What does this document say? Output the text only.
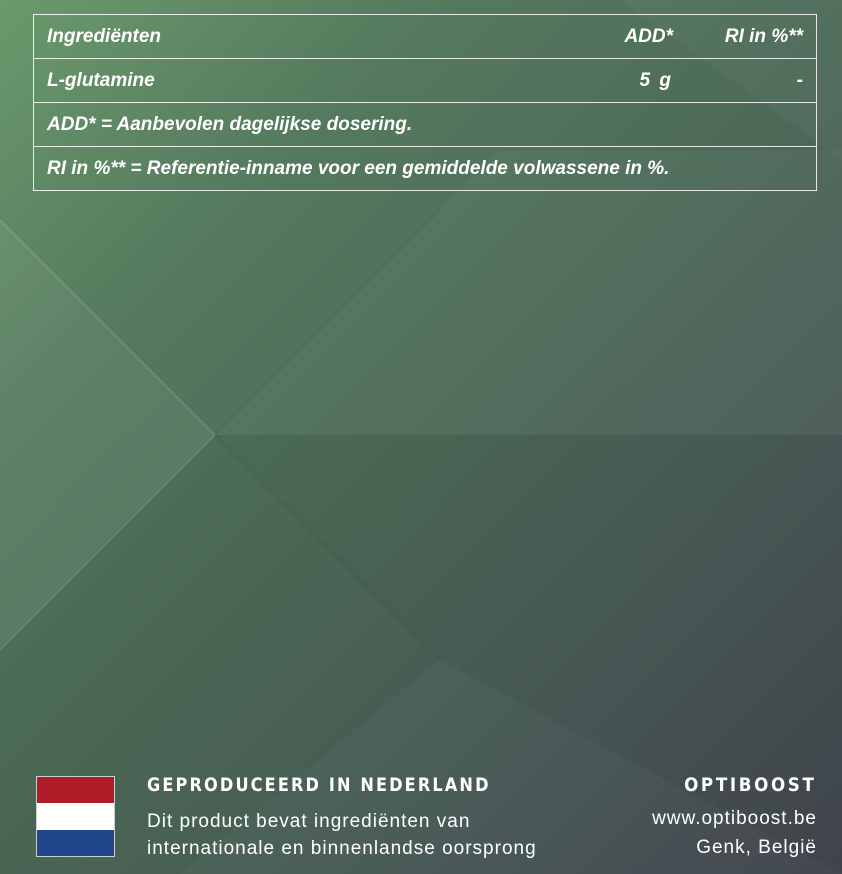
Ingrediënten	ADD*	RI in %**
L-glutamine	5 g	-
ADD* = Aanbevolen dagelijkse dosering.		
RI in %** = Referentie-inname voor een gemiddelde volwassene in %.		
GEPRODUCEERD IN NEDERLAND
Dit product bevat ingrediënten van
internationale en binnenlandse oorsprong
OPTIBOOST
www.optiboost.be
Genk, België
